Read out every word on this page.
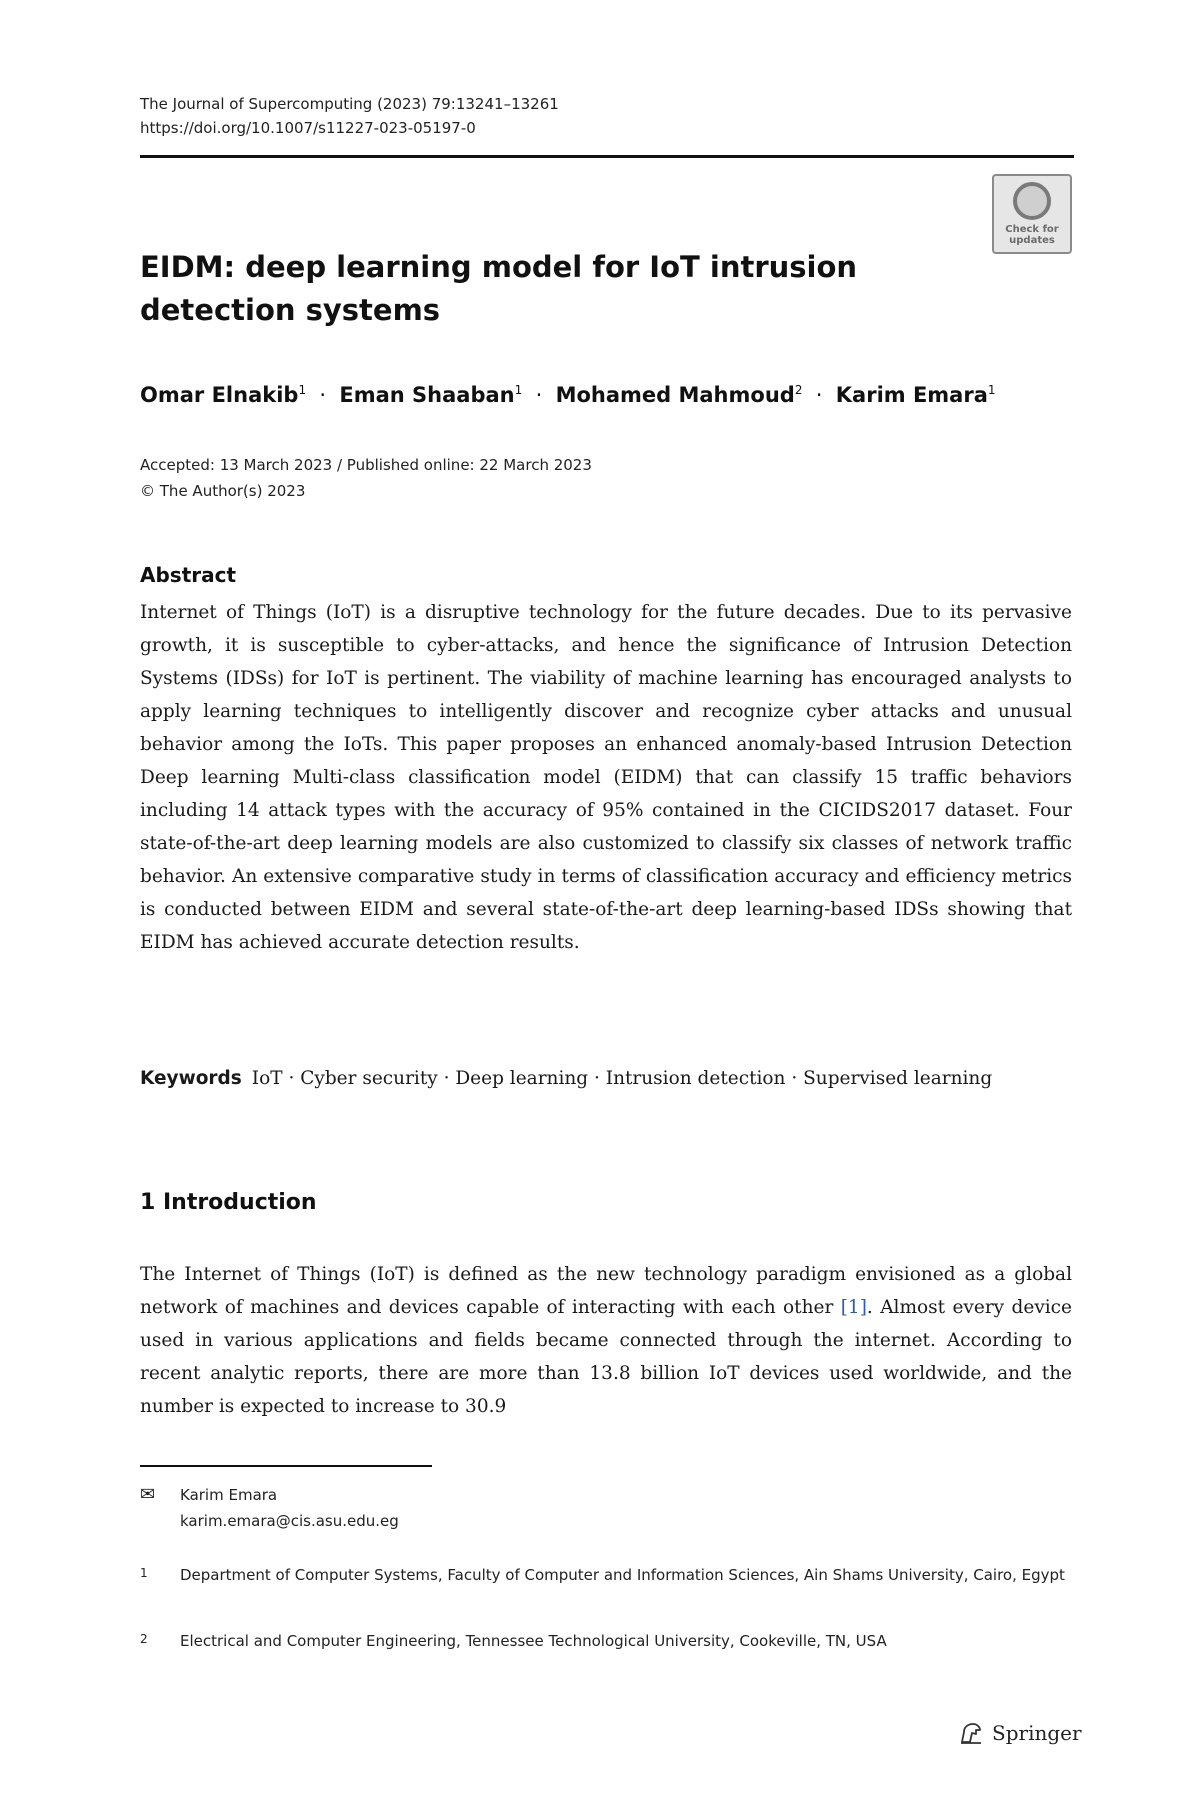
The Journal of Supercomputing (2023) 79:13241–13261
https://doi.org/10.1007/s11227-023-05197-0
Check for updates
EIDM: deep learning model for IoT intrusion detection systems
Omar Elnakib$^1$ · Eman Shaaban$^1$ · Mohamed Mahmoud$^2$ · Karim Emara$^1$
Accepted: 13 March 2023 / Published online: 22 March 2023
© The Author(s) 2023
Abstract

Internet of Things (IoT) is a disruptive technology for the future decades. Due to its pervasive growth, it is susceptible to cyber-attacks, and hence the significance of Intrusion Detection Systems (IDSs) for IoT is pertinent. The viability of machine learning has encouraged analysts to apply learning techniques to intelligently discover and recognize cyber attacks and unusual behavior among the IoTs. This paper proposes an enhanced anomaly-based Intrusion Detection Deep learning Multi-class classification model (EIDM) that can classify 15 traffic behaviors including 14 attack types with the accuracy of 95% contained in the CICIDS2017 dataset. Four state-of-the-art deep learning models are also customized to classify six classes of network traffic behavior. An extensive comparative study in terms of classification accuracy and efficiency metrics is conducted between EIDM and several state-of-the-art deep learning-based IDSs showing that EIDM has achieved accurate detection results.

Keywords IoT · Cyber security · Deep learning · Intrusion detection · Supervised learning

1 Introduction

The Internet of Things (IoT) is defined as the new technology paradigm envisioned as a global network of machines and devices capable of interacting with each other [1]. Almost every device used in various applications and fields became connected through the internet. According to recent analytic reports, there are more than 13.8 billion IoT devices used worldwide, and the number is expected to increase to 30.9

✉ Karim Emara
karim.emara@cis.asu.edu.eg
1 Department of Computer Systems, Faculty of Computer and Information Sciences, Ain Shams University, Cairo, Egypt
2 Electrical and Computer Engineering, Tennessee Technological University, Cookeville, TN, USA
Springer
